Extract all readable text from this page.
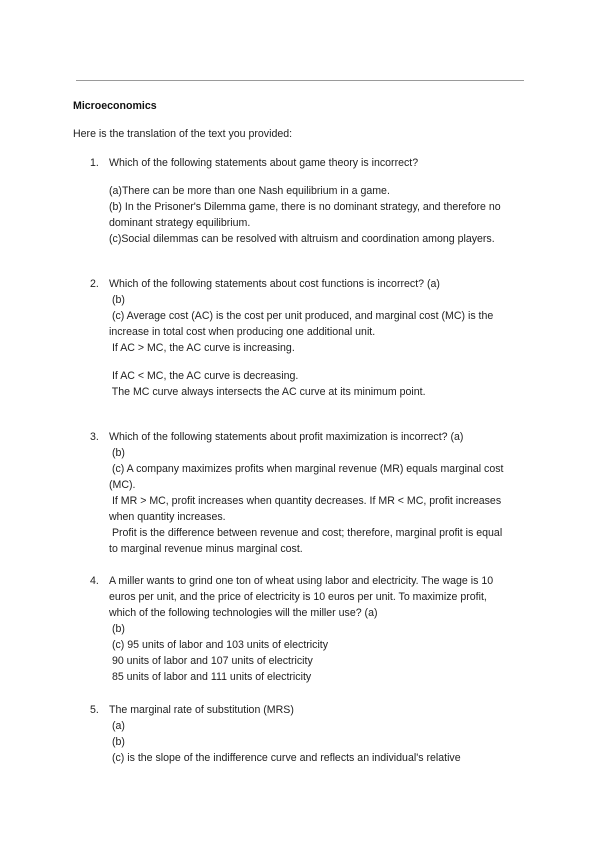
Microeconomics
Here is the translation of the text you provided:
1. Which of the following statements about game theory is incorrect?
(a)There can be more than one Nash equilibrium in a game.
(b) In the Prisoner's Dilemma game, there is no dominant strategy, and therefore no
dominant strategy equilibrium.
(c)Social dilemmas can be resolved with altruism and coordination among players.
2. Which of the following statements about cost functions is incorrect? (a)
(b)
(c) Average cost (AC) is the cost per unit produced, and marginal cost (MC) is the
increase in total cost when producing one additional unit.
If AC > MC, the AC curve is increasing.
If AC < MC, the AC curve is decreasing.
The MC curve always intersects the AC curve at its minimum point.
3. Which of the following statements about profit maximization is incorrect? (a)
(b)
(c) A company maximizes profits when marginal revenue (MR) equals marginal cost
(MC).
If MR > MC, profit increases when quantity decreases. If MR < MC, profit increases
when quantity increases.
Profit is the difference between revenue and cost; therefore, marginal profit is equal
to marginal revenue minus marginal cost.
4. A miller wants to grind one ton of wheat using labor and electricity. The wage is 10
euros per unit, and the price of electricity is 10 euros per unit. To maximize profit,
which of the following technologies will the miller use? (a)
(b)
(c) 95 units of labor and 103 units of electricity
90 units of labor and 107 units of electricity
85 units of labor and 111 units of electricity
5. The marginal rate of substitution (MRS)
(a)
(b)
(c) is the slope of the indifference curve and reflects an individual's relative
